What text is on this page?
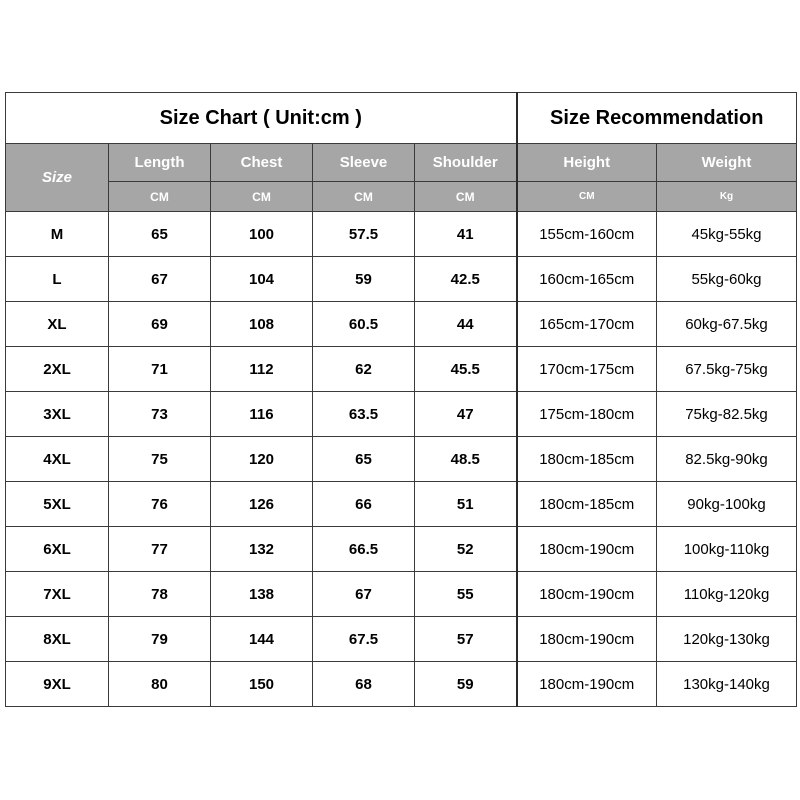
Size Chart ( Unit:cm )					Size Recommendation	
Size	Length	Chest	Sleeve	Shoulder	Height	Weight
	CM	CM	CM	CM	CM	Kg
M	65	100	57.5	41	155cm-160cm	45kg-55kg
L	67	104	59	42.5	160cm-165cm	55kg-60kg
XL	69	108	60.5	44	165cm-170cm	60kg-67.5kg
2XL	71	112	62	45.5	170cm-175cm	67.5kg-75kg
3XL	73	116	63.5	47	175cm-180cm	75kg-82.5kg
4XL	75	120	65	48.5	180cm-185cm	82.5kg-90kg
5XL	76	126	66	51	180cm-185cm	90kg-100kg
6XL	77	132	66.5	52	180cm-190cm	100kg-110kg
7XL	78	138	67	55	180cm-190cm	110kg-120kg
8XL	79	144	67.5	57	180cm-190cm	120kg-130kg
9XL	80	150	68	59	180cm-190cm	130kg-140kg
